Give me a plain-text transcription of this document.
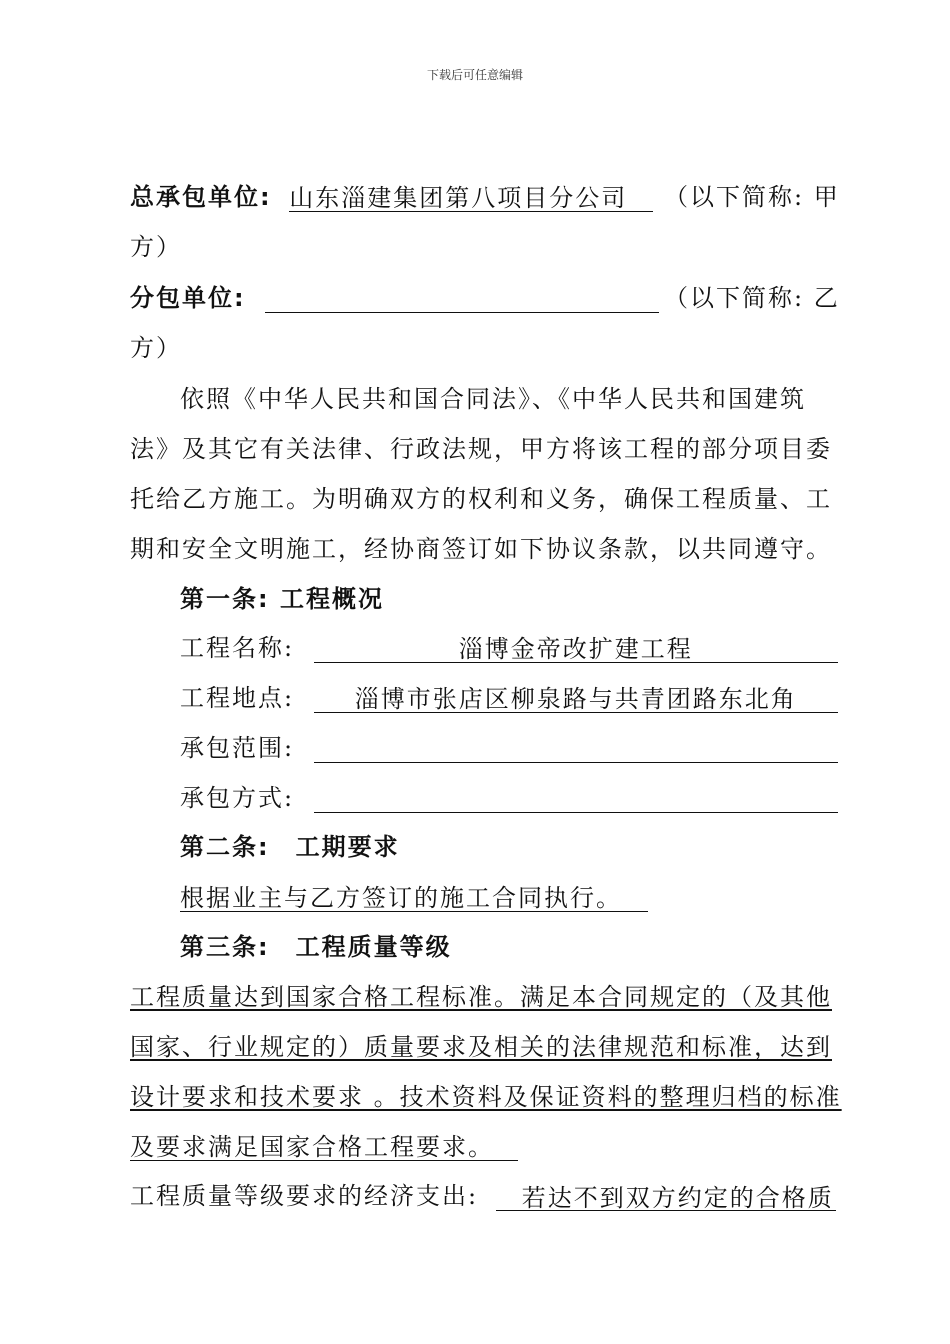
下载后可任意编辑
总承包单位: 山东淄建集团第八项目分公司	（以下简称: 甲
方）
分包单位:	（以下简称: 乙
方）
依照《中华人民共和国合同法》、《中华人民共和国建筑
法》及其它有关法律、行政法规，甲方将该工程的部分项目委
托给乙方施工。为明确双方的权利和义务，确保工程质量、工
期和安全文明施工，经协商签订如下协议条款，以共同遵守。
第一条: 工程概况
工程名称:	淄博金帝改扩建工程
工程地点:	淄博市张店区柳泉路与共青团路东北角
承包范围:
承包方式:
第二条:　工期要求
根据业主与乙方签订的施工合同执行。
第三条:　工程质量等级
工程质量达到国家合格工程标准。满足本合同规定的（及其他
国家、行业规定的）质量要求及相关的法律规范和标准，达到
设计要求和技术要求 。技术资料及保证资料的整理归档的标准
及要求满足国家合格工程要求。
工程质量等级要求的经济支出: 若达不到双方约定的合格质
